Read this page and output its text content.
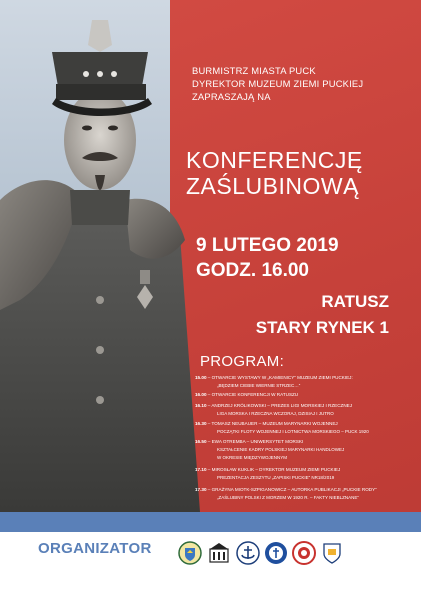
BURMISTRZ MIASTA PUCK
DYREKTOR MUZEUM ZIEMI PUCKIEJ
ZAPRASZAJĄ NA
KONFERENCJĘ
ZAŚLUBINOWĄ
9 LUTEGO 2019
GODZ. 16.00
RATUSZ
STARY RYNEK 1
PROGRAM:
15.00 – OTWARCIE WYSTAWY W „KAMIENICY” MUZEUM ZIEMI PUCKIEJ:
„BĘDZIEM CIEBIE WIERNIE STRZEC…”
16.00 – OTWARCIE KONFERENCJI W RATUSZU
16.10 – ANDRZEJ KRÓLIKOWSKI – PREZES LIGI MORSKIEJ I RZECZNEJ
LIGA MORSKA I RZECZNA WCZORAJ, DZISIAJ I JUTRO
16.30 – TOMASZ NEUBAUER – MUZEUM MARYNARKI WOJENNEJ
POCZĄTKI FLOTY WOJENNEJ I LOTNICTWA MORSKIEGO – PUCK 1920
16.50 – EWA OTREMBA – UNIWERSYTET MORSKI
KSZTAŁCENIE KADRY POLSKIEJ MARYNARKI HANDLOWEJ
W OKRESIE MIĘDZYWOJENNYM
17.10 – MIROSŁAW KUKLIK – DYREKTOR MUZEUM ZIEMI PUCKIEJ
PREZENTACJA ZESZYTU „ZAPISKI PUCKIE” NR18/2019
17.30 – GRAŻYNA MIOTK-SZPIGANOWICZ – AUTORKA PUBLIKACJI „PUCKIE RODY”
„ZAŚLUBINY POLSKI Z MORZEM W 1920 R. – FAKTY NIEBLZNANE”
ORGANIZATOR
